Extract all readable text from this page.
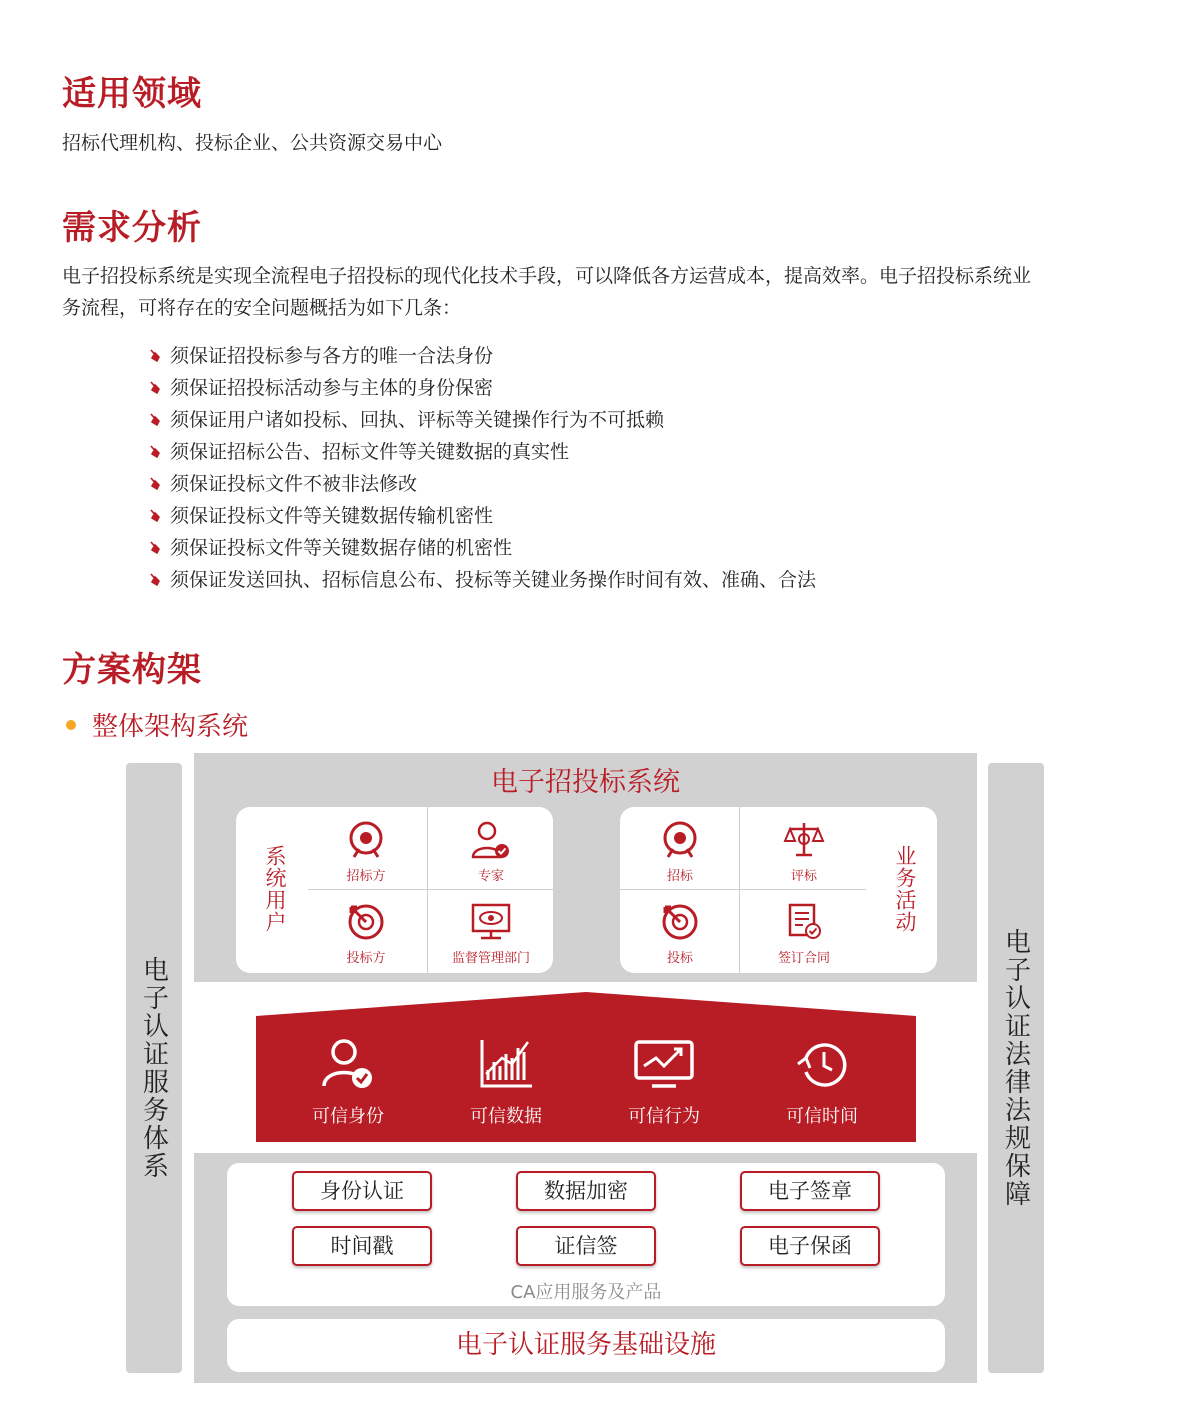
适用领域

招标代理机构、投标企业、公共资源交易中心

需求分析

电子招投标系统是实现全流程电子招投标的现代化技术手段，可以降低各方运营成本，提高效率。电子招投标系统业

务流程，可将存在的安全问题概括为如下几条：

须保证招投标参与各方的唯一合法身份
须保证招投标活动参与主体的身份保密
须保证用户诸如投标、回执、评标等关键操作行为不可抵赖
须保证招标公告、招标文件等关键数据的真实性
须保证投标文件不被非法修改
须保证投标文件等关键数据传输机密性
须保证投标文件等关键数据存储的机密性
须保证发送回执、招标信息公布、投标等关键业务操作时间有效、准确、合法
方案构架
整体架构系统
电子认证服务体系	电子认证法律法规保障
电子招投标系统
系统用户	招标方	专家
投标方	监督管理部门
业务活动
招标	评标
投标	签订合同
可信身份	可信数据	可信行为	可信时间
身份认证	数据加密	电子签章
时间戳	证信签	电子保函
CA应用服务及产品
电子认证服务基础设施
